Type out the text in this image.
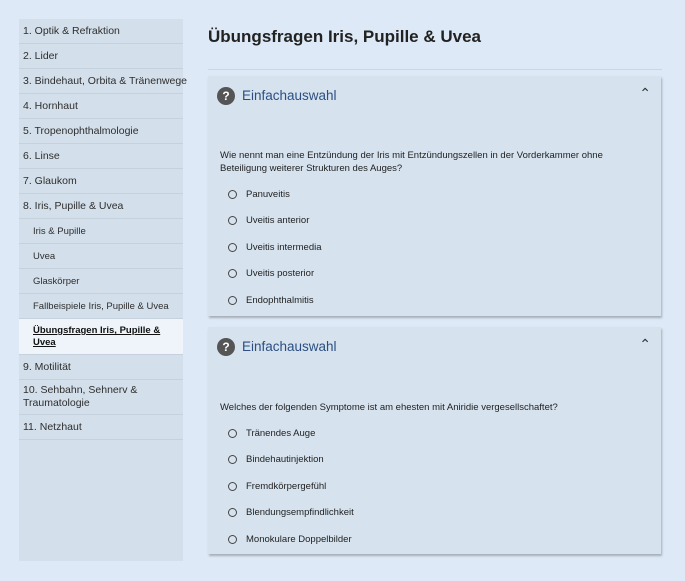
1. Optik & Refraktion
2. Lider
3. Bindehaut, Orbita & Tränenwege
4. Hornhaut
5. Tropenophthalmologie
6. Linse
7. Glaukom
8. Iris, Pupille & Uvea
Iris & Pupille
Uvea
Glaskörper
Fallbeispiele Iris, Pupille & Uvea
Übungsfragen Iris, Pupille & Uvea
9. Motilität
10. Sehbahn, Sehnerv & Traumatologie
11. Netzhaut
Übungsfragen Iris, Pupille & Uvea
? Einfachauswahl	⌃
Wie nennt man eine Entzündung der Iris mit Entzündungszellen in der Vorderkammer ohne Beteiligung weiterer Strukturen des Auges?
Panuveitis
Uveitis anterior
Uveitis intermedia
Uveitis posterior
Endophthalmitis
? Einfachauswahl	⌃
Welches der folgenden Symptome ist am ehesten mit Aniridie vergesellschaftet?
Tränendes Auge
Bindehautinjektion
Fremdkörpergefühl
Blendungsempfindlichkeit
Monokulare Doppelbilder
